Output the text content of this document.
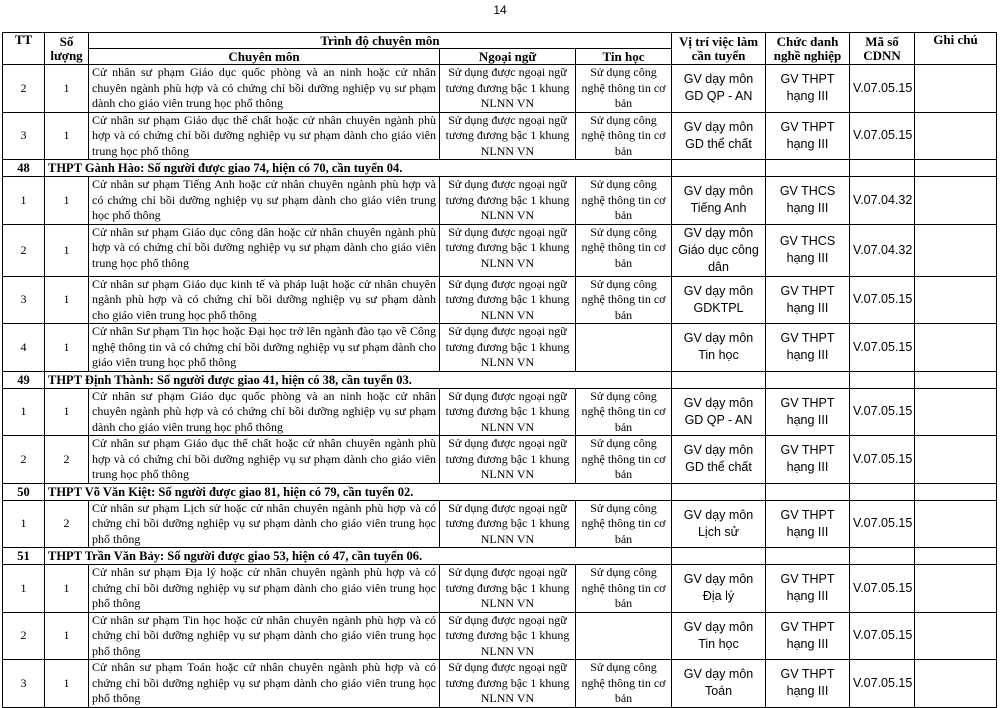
14
TT	Số lượng	Trình độ chuyên môn			Vị trí việc làm cần tuyển	Chức danh nghề nghiệp	Mã số CDNN	Ghi chú
		Chuyên môn	Ngoại ngữ	Tin học				
2	1	Cử nhân sư phạm Giáo dục quốc phòng và an ninh hoặc cử nhân chuyên ngành phù hợp và có chứng chỉ bồi dưỡng nghiệp vụ sư phạm dành cho giáo viên trung học phổ thông	Sử dụng được ngoại ngữ tương đương bậc 1 khung NLNN VN	Sử dụng công nghệ thông tin cơ bản	GV dạy môn GD QP - AN	GV THPT hạng III	V.07.05.15	
3	1	Cử nhân sư phạm Giáo dục thể chất hoặc cử nhân chuyên ngành phù hợp và có chứng chỉ bồi dưỡng nghiệp vụ sư phạm dành cho giáo viên trung học phổ thông	Sử dụng được ngoại ngữ tương đương bậc 1 khung NLNN VN	Sử dụng công nghệ thông tin cơ bản	GV dạy môn GD thể chất	GV THPT hạng III	V.07.05.15	
48	THPT Gành Hào: Số người được giao 74, hiện có 70, cần tuyển 04.							
1	1	Cử nhân sư phạm Tiếng Anh hoặc cử nhân chuyên ngành phù hợp và có chứng chỉ bồi dưỡng nghiệp vụ sư phạm dành cho giáo viên trung học phổ thông	Sử dụng được ngoại ngữ tương đương bậc 1 khung NLNN VN	Sử dụng công nghệ thông tin cơ bản	GV dạy môn Tiếng Anh	GV THCS hạng III	V.07.04.32	
2	1	Cử nhân sư phạm Giáo dục công dân hoặc cử nhân chuyên ngành phù hợp và có chứng chỉ bồi dưỡng nghiệp vụ sư phạm dành cho giáo viên trung học phổ thông	Sử dụng được ngoại ngữ tương đương bậc 1 khung NLNN VN	Sử dụng công nghệ thông tin cơ bản	GV dạy môn Giáo dục công dân	GV THCS hạng III	V.07.04.32	
3	1	Cử nhân sư phạm Giáo dục kinh tế và pháp luật hoặc cử nhân chuyên ngành phù hợp và có chứng chỉ bồi dưỡng nghiệp vụ sư phạm dành cho giáo viên trung học phổ thông	Sử dụng được ngoại ngữ tương đương bậc 1 khung NLNN VN	Sử dụng công nghệ thông tin cơ bản	GV dạy môn GDKTPL	GV THPT hạng III	V.07.05.15	
4	1	Cử nhân Sư phạm Tin học hoặc Đại học trở lên ngành đào tạo về Công nghệ thông tin và có chứng chỉ bồi dưỡng nghiệp vụ sư phạm dành cho giáo viên trung học phổ thông	Sử dụng được ngoại ngữ tương đương bậc 1 khung NLNN VN		GV dạy môn Tin học	GV THPT hạng III	V.07.05.15	
49	THPT Định Thành: Số người được giao 41, hiện có 38, cần tuyển 03.							
1	1	Cử nhân sư phạm Giáo dục quốc phòng và an ninh hoặc cử nhân chuyên ngành phù hợp và có chứng chỉ bồi dưỡng nghiệp vụ sư phạm dành cho giáo viên trung học phổ thông	Sử dụng được ngoại ngữ tương đương bậc 1 khung NLNN VN	Sử dụng công nghệ thông tin cơ bản	GV dạy môn GD QP - AN	GV THPT hạng III	V.07.05.15	
2	2	Cử nhân sư phạm Giáo dục thể chất hoặc cử nhân chuyên ngành phù hợp và có chứng chỉ bồi dưỡng nghiệp vụ sư phạm dành cho giáo viên trung học phổ thông	Sử dụng được ngoại ngữ tương đương bậc 1 khung NLNN VN	Sử dụng công nghệ thông tin cơ bản	GV dạy môn GD thể chất	GV THPT hạng III	V.07.05.15	
50	THPT Võ Văn Kiệt: Số người được giao 81, hiện có 79, cần tuyển 02.							
1	2	Cử nhân sư phạm Lịch sử hoặc cử nhân chuyên ngành phù hợp và có chứng chỉ bồi dưỡng nghiệp vụ sư phạm dành cho giáo viên trung học phổ thông	Sử dụng được ngoại ngữ tương đương bậc 1 khung NLNN VN	Sử dụng công nghệ thông tin cơ bản	GV dạy môn Lịch sử	GV THPT hạng III	V.07.05.15	
51	THPT Trần Văn Bảy: Số người được giao 53, hiện có 47, cần tuyển 06.							
1	1	Cử nhân sư phạm Địa lý hoặc cử nhân chuyên ngành phù hợp và có chứng chỉ bồi dưỡng nghiệp vụ sư phạm dành cho giáo viên trung học phổ thông	Sử dụng được ngoại ngữ tương đương bậc 1 khung NLNN VN	Sử dụng công nghệ thông tin cơ bản	GV dạy môn Địa lý	GV THPT hạng III	V.07.05.15	
2	1	Cử nhân sư phạm Tin học hoặc cử nhân chuyên ngành phù hợp và có chứng chỉ bồi dưỡng nghiệp vụ sư phạm dành cho giáo viên trung học phổ thông	Sử dụng được ngoại ngữ tương đương bậc 1 khung NLNN VN		GV dạy môn Tin học	GV THPT hạng III	V.07.05.15	
3	1	Cử nhân sư phạm Toán hoặc cử nhân chuyên ngành phù hợp và có chứng chỉ bồi dưỡng nghiệp vụ sư phạm dành cho giáo viên trung học phổ thông	Sử dụng được ngoại ngữ tương đương bậc 1 khung NLNN VN	Sử dụng công nghệ thông tin cơ bản	GV dạy môn Toán	GV THPT hạng III	V.07.05.15	
